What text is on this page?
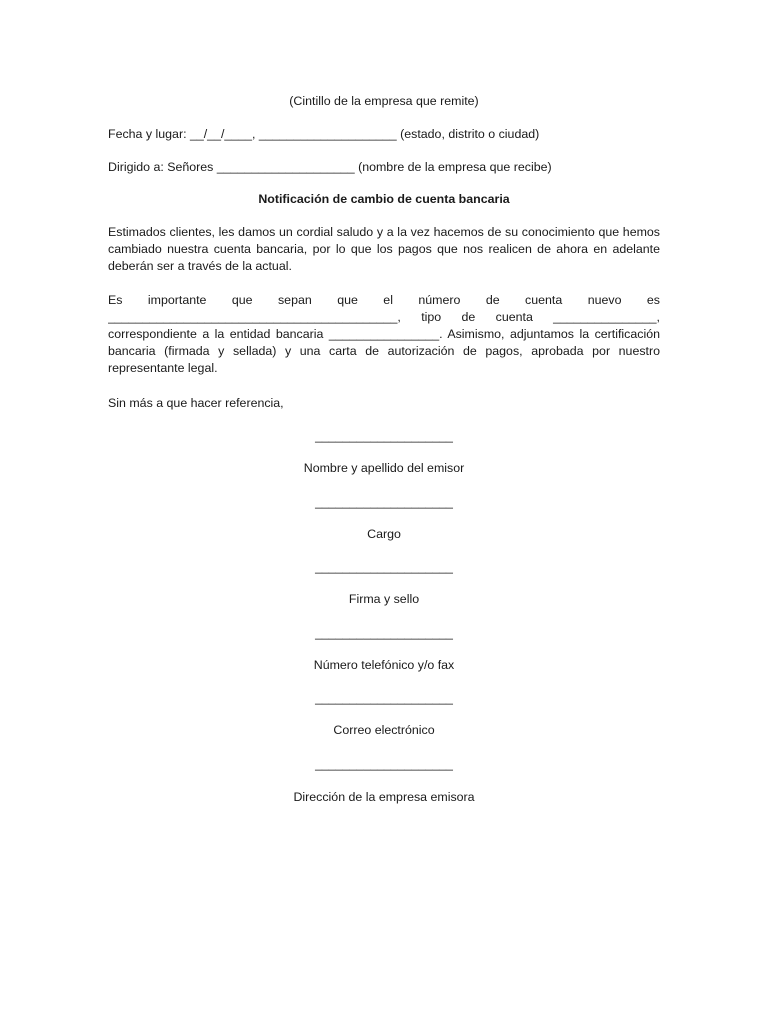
(Cintillo de la empresa que remite)
Fecha y lugar: __/__/____, ____________________ (estado, distrito o ciudad)
Dirigido a: Señores ____________________ (nombre de la empresa que recibe)
Notificación de cambio de cuenta bancaria
Estimados clientes, les damos un cordial saludo y a la vez hacemos de su conocimiento que hemos
cambiado nuestra cuenta bancaria, por lo que los pagos que nos realicen de ahora en adelante
deberán ser a través de la actual.
Es importante que sepan que el número de cuenta nuevo es
__________________________________________, tipo de cuenta _______________,
correspondiente a la entidad bancaria ________________. Asimismo, adjuntamos la certificación
bancaria (firmada y sellada) y una carta de autorización de pagos, aprobada por nuestro
representante legal.
Sin más a que hacer referencia,
____________________
Nombre y apellido del emisor
____________________
Cargo
____________________
Firma y sello
____________________
Número telefónico y/o fax
____________________
Correo electrónico
____________________
Dirección de la empresa emisora
